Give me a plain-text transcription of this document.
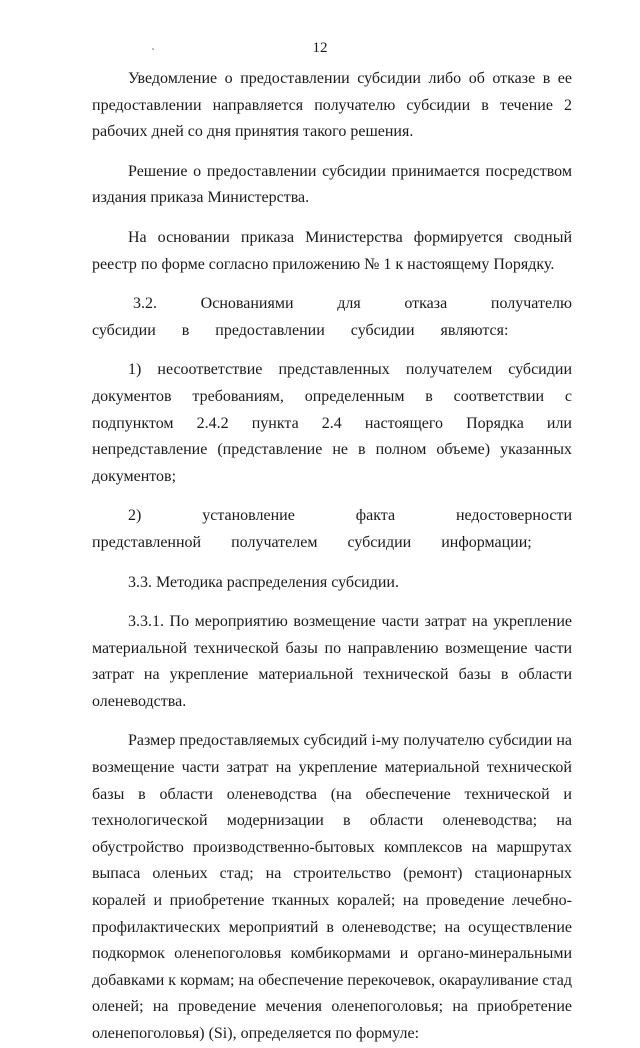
12

Уведомление о предоставлении субсидии либо об отказе в ее предоставлении направляется получателю субсидии в течение 2 рабочих дней со дня принятия такого решения.

Решение о предоставлении субсидии принимается посредством издания приказа Министерства.

На основании приказа Министерства формируется сводный реестр по форме согласно приложению № 1 к настоящему Порядку.

3.2. Основаниями для отказа получателю субсидии в предоставлении субсидии являются:

1) несоответствие представленных получателем субсидии документов требованиям, определенным в соответствии с подпунктом 2.4.2 пункта 2.4 настоящего Порядка или непредставление (представление не в полном объеме) указанных документов;

2) установление факта недостоверности представленной получателем субсидии информации;

3.3. Методика распределения субсидии.

3.3.1. По мероприятию возмещение части затрат на укрепление материальной технической базы по направлению возмещение части затрат на укрепление материальной технической базы в области оленеводства.

Размер предоставляемых субсидий i-му получателю субсидии на возмещение части затрат на укрепление материальной технической базы в области оленеводства (на обеспечение технической и технологической модернизации в области оленеводства; на обустройство производственно-бытовых комплексов на маршрутах выпаса оленьих стад; на строительство (ремонт) стационарных коралей и приобретение тканных коралей; на проведение лечебно-профилактических мероприятий в оленеводстве; на осуществление подкормок оленепоголовья комбикормами и органо-минеральными добавками к кормам; на обеспечение перекочевок, окарауливание стад оленей; на проведение мечения оленепоголовья; на приобретение оленепоголовья) (Si), определяется по формуле:
